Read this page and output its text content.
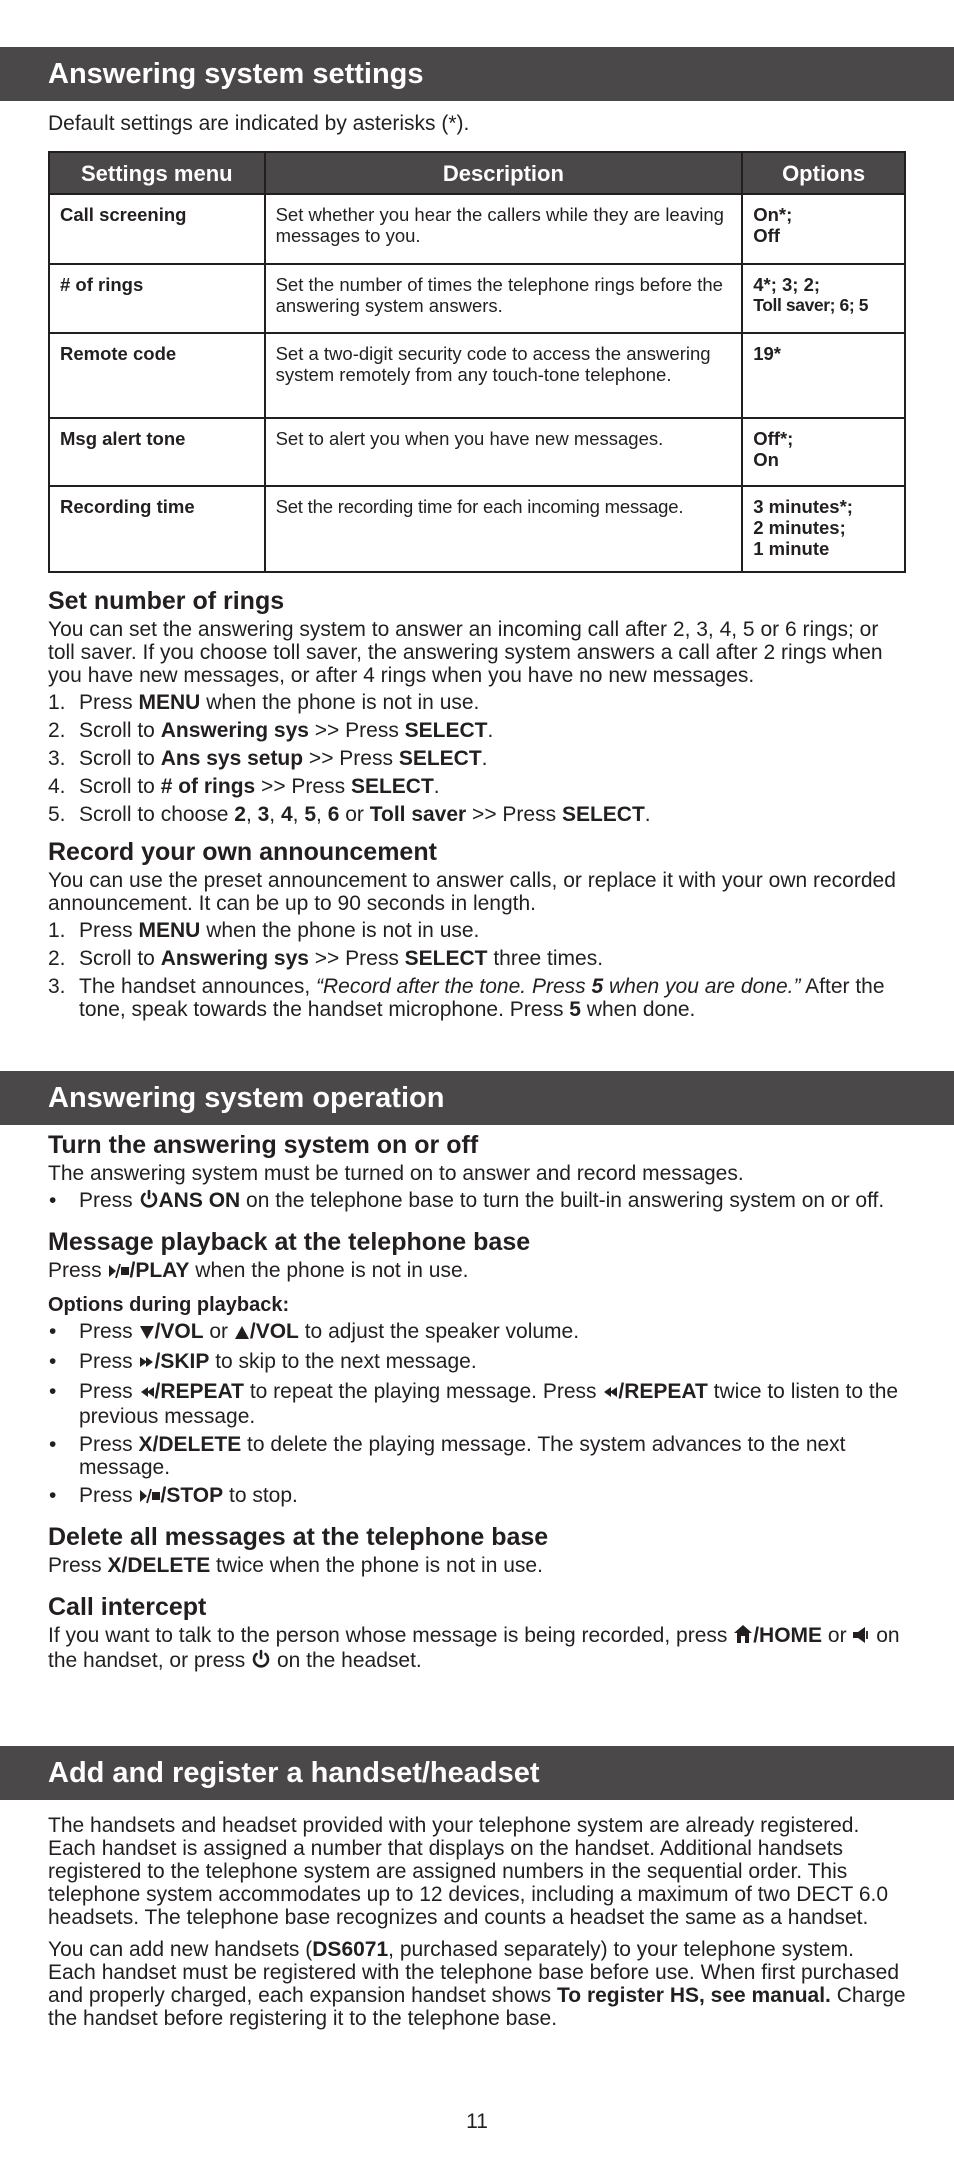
Answering system settings
Default settings are indicated by asterisks (*).
Settings menu	Description	Options
Call screening	Set whether you hear the callers while they are leaving messages to you.	On*;
Off

# of rings	Set the number of times the telephone rings before the answering system answers.	4*; 3; 2;
Toll saver; 6; 5

Remote code	Set a two-digit security code to access the answering system remotely from any touch-tone telephone.	19*

Msg alert tone	Set to alert you when you have new messages.	Off*;
On

Recording time	Set the recording time for each incoming message.	3 minutes*;
2 minutes;
1 minute
Set number of rings
You can set the answering system to answer an incoming call after 2, 3, 4, 5 or 6 rings; or toll saver. If you choose toll saver, the answering system answers a call after 2 rings when you have new messages, or after 4 rings when you have no new messages.
1. Press MENU when the phone is not in use.
2. Scroll to Answering sys >> Press SELECT.
3. Scroll to Ans sys setup >> Press SELECT.
4. Scroll to # of rings >> Press SELECT.
5. Scroll to choose 2, 3, 4, 5, 6 or Toll saver >> Press SELECT.
Record your own announcement
You can use the preset announcement to answer calls, or replace it with your own recorded announcement. It can be up to 90 seconds in length.
1. Press MENU when the phone is not in use.
2. Scroll to Answering sys >> Press SELECT three times.
3. The handset announces, “Record after the tone. Press 5 when you are done.” After the tone, speak towards the handset microphone. Press 5 when done.
Answering system operation
Turn the answering system on or off
The answering system must be turned on to answer and record messages.
• Press ANS ON on the telephone base to turn the built-in answering system on or off.
Message playback at the telephone base
Press /PLAY when the phone is not in use.
Options during playback:
• Press /VOL or /VOL to adjust the speaker volume.
• Press /SKIP to skip to the next message.
• Press /REPEAT to repeat the playing message. Press /REPEAT twice to listen to the previous message.
• Press X/DELETE to delete the playing message. The system advances to the next message.
• Press /STOP to stop.
Delete all messages at the telephone base
Press X/DELETE twice when the phone is not in use.
Call intercept
If you want to talk to the person whose message is being recorded, press /HOME or  on the handset, or press  on the headset.
Add and register a handset/headset
The handsets and headset provided with your telephone system are already registered. Each handset is assigned a number that displays on the handset. Additional handsets registered to the telephone system are assigned numbers in the sequential order. This telephone system accommodates up to 12 devices, including a maximum of two DECT 6.0 headsets. The telephone base recognizes and counts a headset the same as a handset.
You can add new handsets (DS6071, purchased separately) to your telephone system. Each handset must be registered with the telephone base before use. When first purchased and properly charged, each expansion handset shows To register HS, see manual. Charge the handset before registering it to the telephone base.
11
